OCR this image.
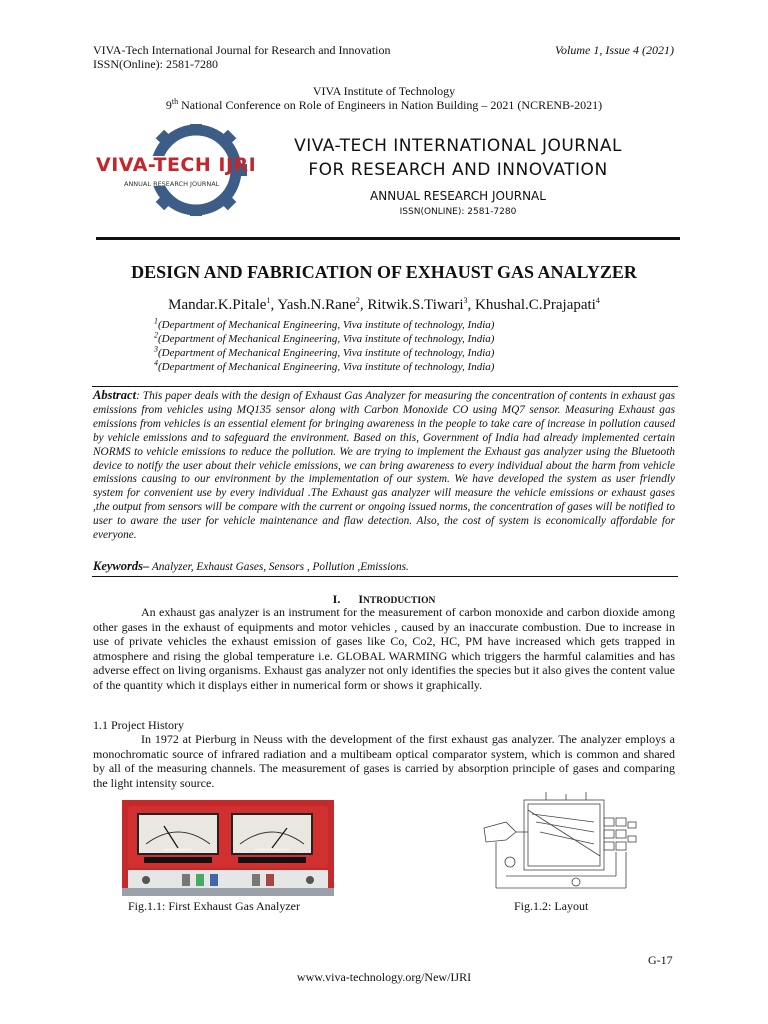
VIVA-Tech International Journal for Research and Innovation
ISSN(Online): 2581-7280
Volume 1, Issue 4 (2021)
VIVA Institute of Technology
9th National Conference on Role of Engineers in Nation Building – 2021 (NCRENB-2021)
VIVA-TECH IJRI
ANNUAL RESEARCH JOURNAL
VIVA-TECH INTERNATIONAL JOURNAL
FOR RESEARCH AND INNOVATION
ANNUAL RESEARCH JOURNAL
ISSN(ONLINE): 2581-7280
DESIGN AND FABRICATION OF EXHAUST GAS ANALYZER
Mandar.K.Pitale$^1$, Yash.N.Rane$^2$, Ritwik.S.Tiwari$^3$, Khushal.C.Prajapati$^4$
$^1$(Department of Mechanical Engineering, Viva institute of technology, India)
$^2$(Department of Mechanical Engineering, Viva institute of technology, India)
$^3$(Department of Mechanical Engineering, Viva institute of technology, India)
$^4$(Department of Mechanical Engineering, Viva institute of technology, India)
Abstract: This paper deals with the design of Exhaust Gas Analyzer for measuring the concentration of contents in exhaust gas emissions from vehicles using MQ135 sensor along with Carbon Monoxide CO using MQ7 sensor. Measuring Exhaust gas emissions from vehicles is an essential element for bringing awareness in the people to take care of increase in pollution caused by vehicle emissions and to safeguard the environment. Based on this, Government of India had already implemented certain NORMS to vehicle emissions to reduce the pollution. We are trying to implement the Exhaust gas analyzer using the Bluetooth device to notify the user about their vehicle emissions, we can bring awareness to every individual about the harm from vehicle emissions causing to our environment by the implementation of our system. We have developed the system as user friendly system for convenient use by every individual .The Exhaust gas analyzer will measure the vehicle emissions or exhaust gases ,the output from sensors will be compare with the current or ongoing issued norms, the concentration of gases will be notified to user to aware the user for vehicle maintenance and flaw detection. Also, the cost of system is economically affordable for everyone.
Keywords– Analyzer, Exhaust Gases, Sensors , Pollution ,Emissions.
I. INTRODUCTION
An exhaust gas analyzer is an instrument for the measurement of carbon monoxide and carbon dioxide among other gases in the exhaust of equipments and motor vehicles , caused by an inaccurate combustion. Due to increase in use of private vehicles the exhaust emission of gases like Co, Co2, HC, PM have increased which gets trapped in atmosphere and rising the global temperature i.e. GLOBAL WARMING which triggers the harmful calamities and has adverse effect on living organisms. Exhaust gas analyzer not only identifies the species but it also gives the content value of the quantity which it displays either in numerical form or shows it graphically.
1.1 Project History
In 1972 at Pierburg in Neuss with the development of the first exhaust gas analyzer. The analyzer employs a monochromatic source of infrared radiation and a multibeam optical comparator system, which is common and shared by all of the measuring channels. The measurement of gases is carried by absorption principle of gases and comparing the light intensity source.
HYDROCARBON	CARBON MONOXIDE
Fig.1.1: First Exhaust Gas Analyzer	Fig.1.2: Layout
G-17
www.viva-technology.org/New/IJRI
